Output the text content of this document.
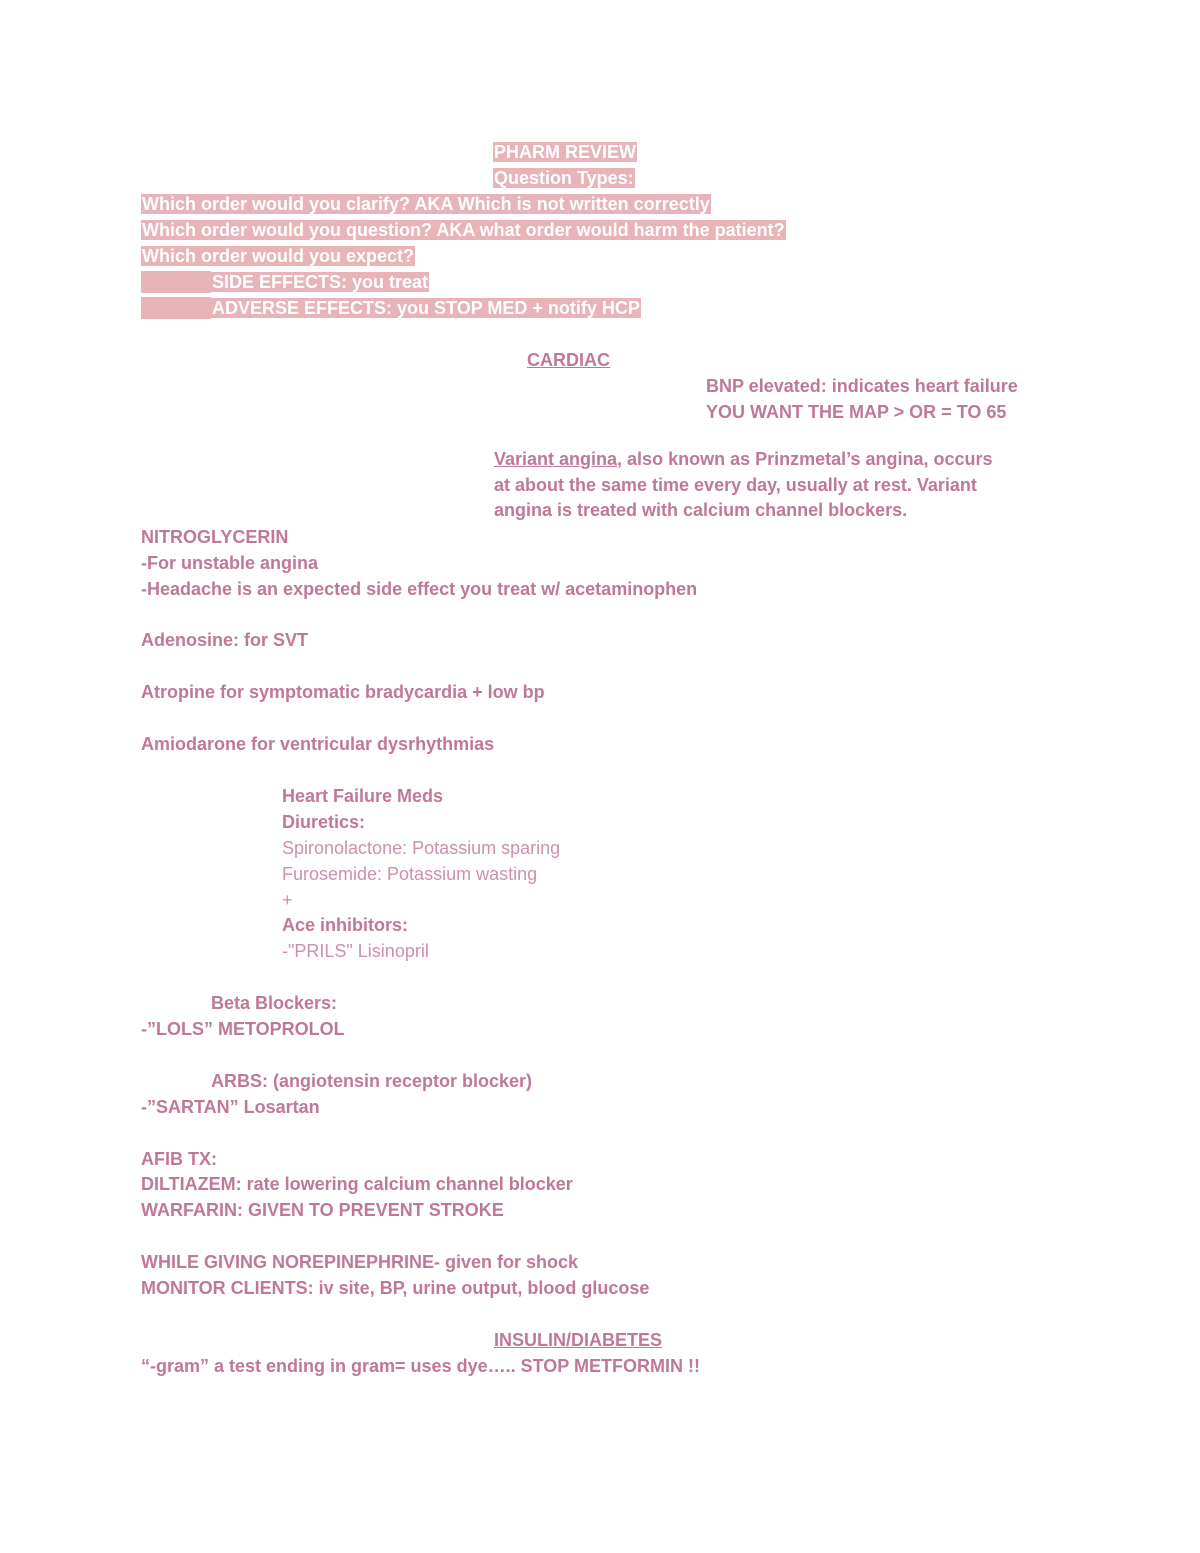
PHARM REVIEW
Question Types:
Which order would you clarify? AKA Which is not written correctly
Which order would you question? AKA what order would harm the patient?
Which order would you expect?
SIDE EFFECTS: you treat
ADVERSE EFFECTS: you STOP MED + notify HCP
CARDIAC
BNP elevated: indicates heart failure
YOU WANT THE MAP > OR = TO 65
Variant angina, also known as Prinzmetal’s angina, occurs
at about the same time every day, usually at rest. Variant
angina is treated with calcium channel blockers.
NITROGLYCERIN
-For unstable angina
-Headache is an expected side effect you treat w/ acetaminophen
Adenosine: for SVT
Atropine for symptomatic bradycardia + low bp
Amiodarone for ventricular dysrhythmias
Heart Failure Meds
Diuretics:
Spironolactone: Potassium sparing
Furosemide: Potassium wasting
+
Ace inhibitors:
-"PRILS" Lisinopril
Beta Blockers:
-”LOLS” METOPROLOL
ARBS: (angiotensin receptor blocker)
-”SARTAN” Losartan
AFIB TX:
DILTIAZEM: rate lowering calcium channel blocker
WARFARIN: GIVEN TO PREVENT STROKE
WHILE GIVING NOREPINEPHRINE- given for shock
MONITOR CLIENTS: iv site, BP, urine output, blood glucose
INSULIN/DIABETES
“-gram” a test ending in gram= uses dye….. STOP METFORMIN !!
